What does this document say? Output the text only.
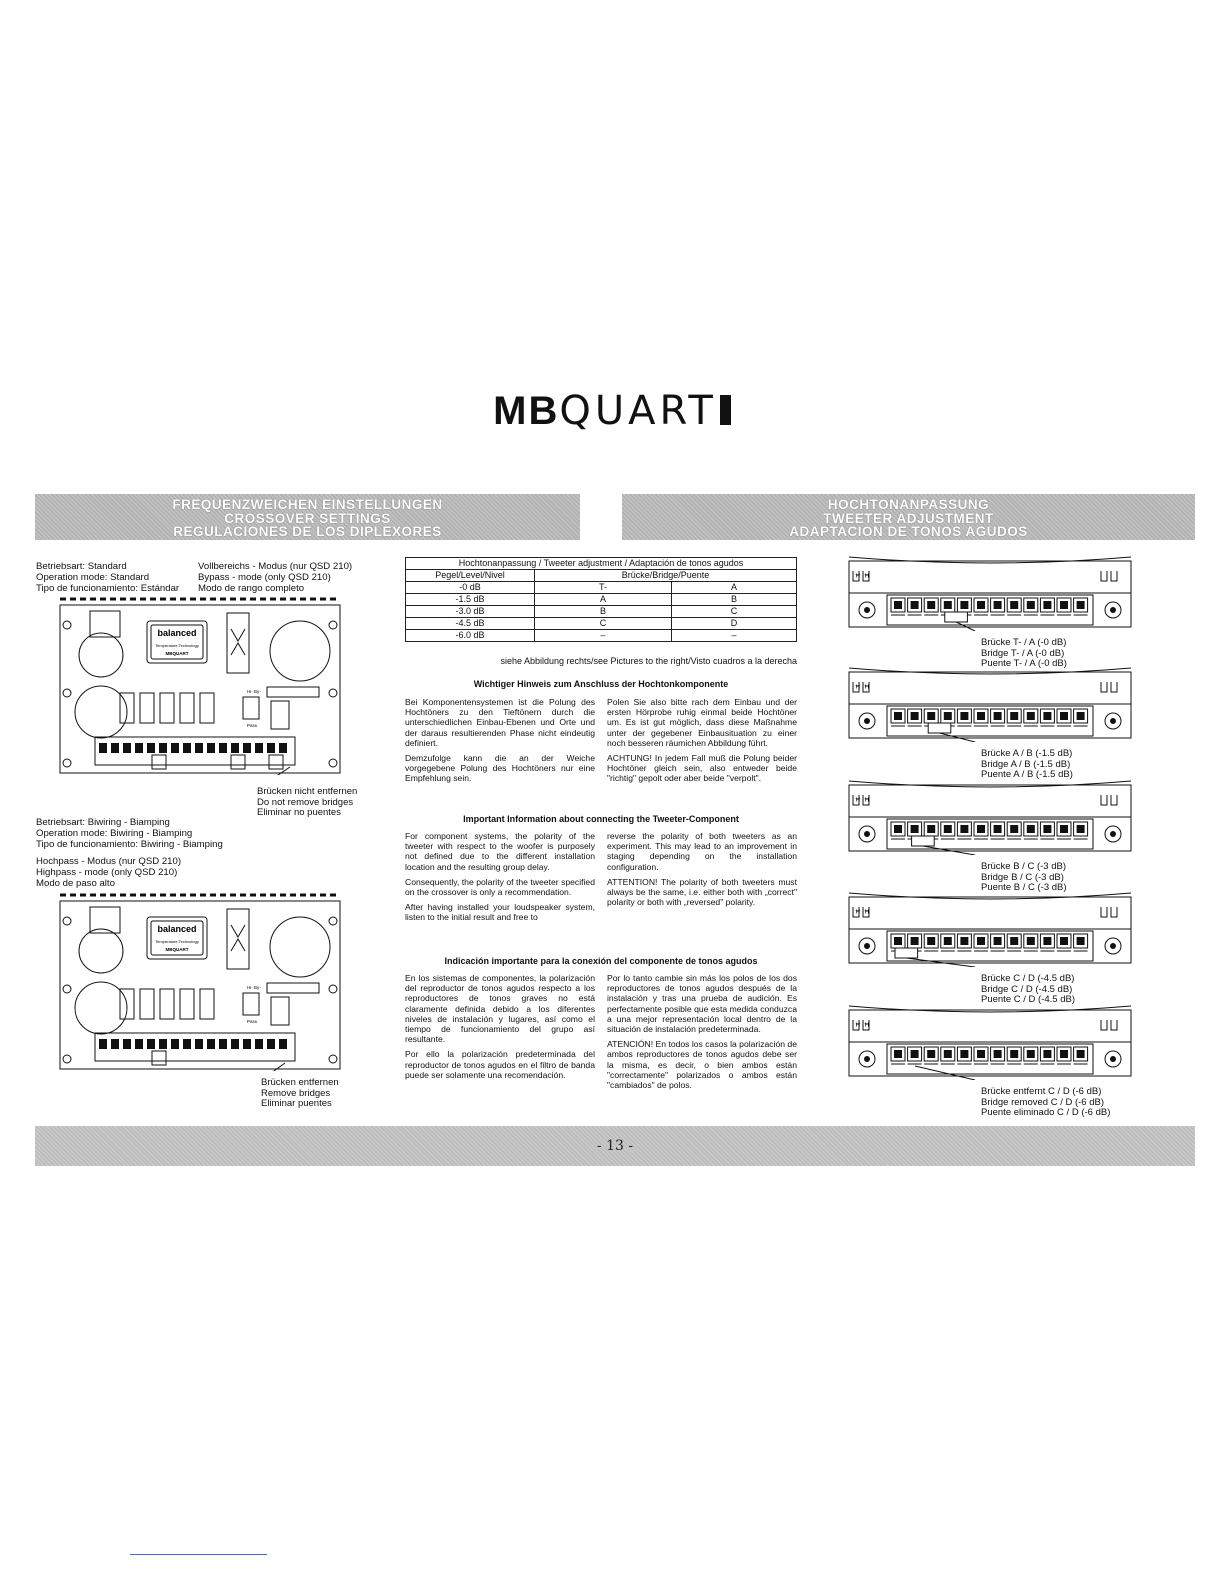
MBQUART
FREQUENZWEICHEN EINSTELLUNGEN
CROSSOVER SETTINGS
REGULACIONES DE LOS DIPLEXORES
HOCHTONANPASSUNG
TWEETER ADJUSTMENT
ADAPTACION DE TONOS AGUDOS
Betriebsart: Standard
Operation mode: Standard
Tipo de funcionamiento: Estándar
Vollbereichs - Modus (nur QSD 210)
Bypass - mode (only QSD 210)
Modo de rango completo
balanced
Temperature Technology
MBQUART
Hi- By-
Pass
Brücken nicht entfernen
Do not remove bridges
Eliminar no puentes
Betriebsart: Biwiring - Biamping
Operation mode: Biwiring - Biamping
Tipo de funcionamiento: Biwiring - Biamping
Hochpass - Modus (nur QSD 210)
Highpass - mode (only QSD 210)
Modo de paso alto
balanced
Temperature Technology
MBQUART
Hi- By-
Pass
Brücken entfernen
Remove bridges
Eliminar puentes
Hochtonanpassung / Tweeter adjustment / Adaptación de tonos agudos		
Pegel/Level/Nivel	Brücke/Bridge/Puente	
-0 dB	T-	A
-1.5 dB	A	B
-3.0 dB	B	C
-4.5 dB	C	D
-6.0 dB	–	–
siehe Abbildung rechts/see Pictures to the right/Visto cuadros a la derecha
Wichtiger Hinweis zum Anschluss der Hochtonkomponente

Bei Komponentensystemen ist die Polung des Hochtöners zu den Tieftönern durch die unterschiedlichen Einbau-Ebenen und Orte und der daraus resultierenden Phase nicht eindeutig definiert.

Demzufolge kann die an der Weiche vorgegebene Polung des Hochtöners nur eine Empfehlung sein.

Polen Sie also bitte rach dem Einbau und der ersten Hörprobe ruhig einmal beide Hochtöner um. Es ist gut möglich, dass diese Maßnahme unter der gegebener Einbausituation zu einer noch besseren räumichen Abbildung führt.

ACHTUNG! In jedem Fall muß die Polung beider Hochtöner gleich sein, also entweder beide "richtig" gepolt oder aber beide "verpolt".

Important Information about connecting the Tweeter-Component

For component systems, the polarity of the tweeter with respect to the woofer is purposely not defined due to the different installation location and the resulting group delay.

Consequently, the polarity of the tweeter specified on the crossover is only a recommendation.

After having installed your loudspeaker system, listen to the initial result and free to

reverse the polarity of both tweeters as an experiment. This may lead to an improvement in staging depending on the installation configuration.

ATTENTION! The polarity of both tweeters must always be the same, i.e. either both with „correct" polarity or both with „reversed" polarity.

Indicación importante para la conexión del componente de tonos agudos

En los sistemas de componentes, la polarización del reproductor de tonos agudos respecto a los reproductores de tonos graves no está claramente definida debido a los diferentes niveles de instalación y lugares, así como el tiempo de funcionamiento del grupo así resultante.

Por ello la polarización predeterminada del reproductor de tonos agudos en el filtro de banda puede ser solamente una recomendación.

Por lo tanto cambie sin más los polos de los dos reproductores de tonos agudos después de la instalación y tras una prueba de audición. Es perfectamente posible que esta medida conduzca a una mejor representación local dentro de la situación de instalación predeterminada.

ATENCIÓN! En todos los casos la polarización de ambos reproductores de tonos agudos debe ser la misma, es decir, o bien ambos están "correctamente" polarizados o ambos están "cambiados" de polos.

ꟸ ꟸ
Brücke T- / A (-0 dB)
Bridge T- / A (-0 dB)
Puente T- / A (-0 dB)
ꟸ ꟸ
Brücke A / B (-1.5 dB)
Bridge A / B (-1.5 dB)
Puente A / B (-1.5 dB)
ꟸ ꟸ
Brücke B / C (-3 dB)
Bridge B / C (-3 dB)
Puente B / C (-3 dB)
ꟸ ꟸ
Brücke C / D (-4.5 dB)
Bridge C / D (-4.5 dB)
Puente C / D (-4.5 dB)
ꟸ ꟸ
Brücke entfernt C / D (-6 dB)
Bridge removed C / D (-6 dB)
Puente eliminado C / D (-6 dB)
- 13 -
